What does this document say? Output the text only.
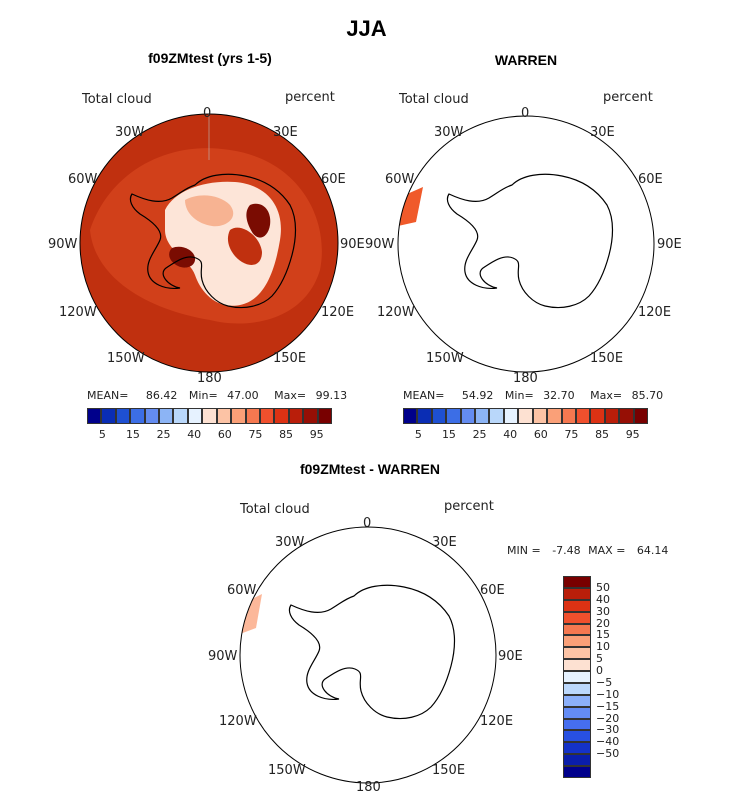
JJA
f09ZMtest (yrs 1-5)
Total cloud	percent
0
30E
60E
90E
120E
150E
180
150W
120W
90W
60W
30W
MEAN= 86.42 Min= 47.00 Max= 99.13
5 15 25 40 60 75 85 95
WARREN
Total cloud	percent
0
30E
60E
90E
120E
150E
180
150W
120W
90W
60W
30W
MEAN= 54.92 Min= 32.70 Max= 85.70
5 15 25 40 60 75 85 95
f09ZMtest - WARREN
Total cloud	percent
0
30E
60E
90E
120E
150E
180
150W
120W
90W
60W
30W
MIN = -7.48 MAX = 64.14
50
40
30
20
15
10
5
0
−5
−10
−15
−20
−30
−40
−50
